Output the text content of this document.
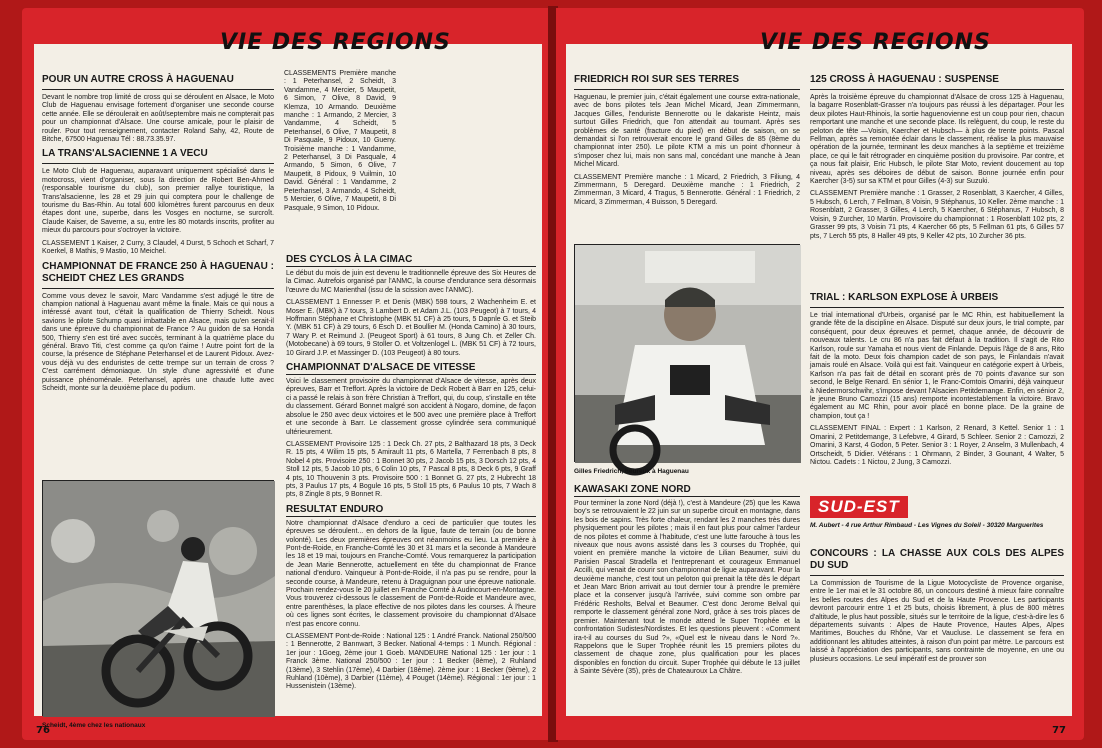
POUR UN AUTRE CROSS À HAGUENAU
Devant le nombre trop limité de cross qui se déroulent en Alsace, le Moto Club de Haguenau envisage fortement d'organiser une seconde course cette année. Elle se déroulerait en août/septembre mais ne compterait pas pour un championnat d'Alsace. Une course amicale, pour le plaisir de rouler. Pour tout renseignement, contacter Roland Sahy, 42, Route de Bitche, 67500 Haguenau Tél : 88.73.35.97.
LA TRANS'ALSACIENNE 1 A VECU
Le Moto Club de Haguenau, auparavant uniquement spécialisé dans le motocross, vient d'organiser, sous la direction de Robert Ben-Ahmed (responsable tourisme du club), son premier rallye touristique, la Trans'alsacienne, les 28 et 29 juin qui comptera pour le challenge de tourisme du Bas-Rhin. Au total 600 kilomètres furent parcourus en deux étapes dont une, superbe, dans les Vosges en nocturne, se surcroît. Claude Kaiser, de Saverne, a su, entre les 80 motards inscrits, profiter au mieux du parcours pour s'octroyer la victoire.
CLASSEMENT 1 Kaiser, 2 Curry, 3 Claudel, 4 Durst, 5 Schoch et Scharf, 7 Koerkel, 8 Mathis, 9 Mastio, 10 Meichel.
CHAMPIONNAT DE FRANCE 250 À HAGUENAU : SCHEIDT CHEZ LES GRANDS
Comme vous devez le savoir, Marc Vandamme s'est adjugé le titre de champion national à Haguenau avant même la finale. Mais ce qui nous a intéressé avant tout, c'était la qualification de Thierry Scheidt. Nous savions le pilote Schump quasi imbattable en Alsace, mais qu'en serait-il dans une épreuve du championnat de France ? Au guidon de sa Honda 500, Thierry s'en est tiré avec succès, terminant à la quatrième place du général. Bravo Titi, c'est comme ça qu'on t'aime ! Autre point fort de la course, la présence de Stéphane Peterhansel et de Laurent Pidoux. Avez-vous déjà vu des enduristes de cette trempe sur un terrain de cross ? C'est carrément démoniaque. Un style d'une agressivité et d'une puissance phénoménale. Peterhansel, après une chaude lutte avec Scheidt, monte sur la deuxième place du podium.
CLASSEMENTS Première manche : 1 Peterhansel, 2 Scheidt, 3 Vandamme, 4 Mercier, 5 Maupetit, 6 Simon, 7 Olive, 8 David, 9 Klemza, 10 Armando. Deuxième manche : 1 Armando, 2 Mercier, 3 Vandamme, 4 Scheidt, 5 Peterhansel, 6 Olive, 7 Maupetit, 8 Di Pasquale, 9 Pidoux, 10 Gueny. Troisième manche : 1 Vandamme, 2 Peterhansel, 3 Di Pasquale, 4 Armando, 5 Simon, 6 Olive, 7 Maupetit, 8 Pidoux, 9 Vuilmin, 10 David. Général : 1 Vandamme, 2 Peterhansel, 3 Armando, 4 Scheidt, 5 Mercier, 6 Olive, 7 Maupetit, 8 Di Pasquale, 9 Simon, 10 Pidoux.
DES CYCLOS À LA CIMAC
Le début du mois de juin est devenu le traditionnelle épreuve des Six Heures de la Cimac. Autrefois organisé par l'ANMC, la course d'endurance sera désormais l'œuvre du MC Marienthal (issu de la scission avec l'ANMC).
CLASSEMENT 1 Ennesser P. et Denis (MBK) 598 tours, 2 Wachenheim E. et Moser E. (MBK) à 7 tours, 3 Lambert D. et Adam J.L. (103 Peugeot) à 7 tours, 4 Hoffmann Stéphane et Christophe (MBK 51 CF) à 25 tours, 5 Dapnle G. et Steib Y. (MBK 51 CF) à 29 tours, 6 Esch D. et Boullier M. (Honda Camino) à 30 tours, 7 Wary P. et Reimund J. (Peugeot Sport) à 61 tours, 8 Jung Ch. et Zeller Ch. (Motobecane) à 69 tours, 9 Stoller O. et Voltzenlogel L. (MBK 51 CF) à 72 tours, 10 Girard J.P. et Massinger D. (103 Peugeot) à 80 tours.
CHAMPIONNAT D'ALSACE DE VITESSE
Voici le classement provisoire du championnat d'Alsace de vitesse, après deux épreuves, Barr et Treffort. Après la victoire de Deck Robert à Barr en 125, celui-ci a passé le relais à son frère Christian à Treffort, qui, du coup, s'installe en tête du classement. Gérard Bonnet malgré son accident à Nogaro, domine, de façon absolue le 250 avec deux victoires et le 500 avec une première place à Treffort et une seconde à Barr. Le classement grosse cylindrée sera communiqué ultérieurement.
CLASSEMENT Provisoire 125 : 1 Deck Ch. 27 pts, 2 Balthazard 18 pts, 3 Deck R. 15 pts, 4 Wilim 15 pts, 5 Amirault 11 pts, 6 Martella, 7 Ferrenbach 8 pts, 8 Nobel 4 pts. Provisoire 250 : 1 Bonnet 30 pts, 2 Jacob 15 pts, 3 Dorsch 12 pts, 4 Stoll 12 pts, 5 Jacob 10 pts, 6 Colin 10 pts, 7 Pascal 8 pts, 8 Deck 6 pts, 9 Graff 4 pts, 10 Thouvenin 3 pts. Provisoire 500 : 1 Bonnet G. 27 pts, 2 Hubrecht 18 pts, 3 Paulus 17 pts, 4 Bogule 16 pts, 5 Stoll 15 pts, 6 Paulus 10 pts, 7 Wach 8 pts, 8 Zingle 8 pts, 9 Bonnet R.
RESULTAT ENDURO
Notre championnat d'Alsace d'enduro a ceci de particulier que toutes les épreuves se déroulent... en dehors de la ligue, faute de terrain (ou de bonne volonté). Les deux premières épreuves ont néanmoins eu lieu. La première à Pont-de-Roide, en Franche-Comté les 30 et 31 mars et la seconde à Mandeure les 18 et 19 mai, toujours en Franche-Comté. Vous remarquerez la participation de Jean Marie Bennerotte, actuellement en tête du championnat de France national d'enduro. Vainqueur à Pont-de-Roide, il n'a pas pu se rendre, pour la seconde course, à Mandeure, retenu à Draguignan pour une épreuve nationale. Prochain rendez-vous le 20 juillet en Franche Comté à Audincourt-en-Montagne. Vous trouverez ci-dessous le classement de Pont-de-Roide et Mandeure avec, entre parenthèses, la place effective de nos pilotes dans les courses. À l'heure où ces lignes sont écrites, le classement provisoire du championnat d'Alsace n'est pas encore connu.
CLASSEMENT Pont-de-Roide : National 125 : 1 André Franck. National 250/500 : 1 Bennerotte, 2 Bannwart, 3 Becker. National 4-temps : 1 Munch. Régional : 1er jour : 1Goeg, 2ème jour 1 Goeb. MANDEURE National 125 : 1er jour : 1 Franck 3ème. National 250/500 : 1er jour : 1 Becker (8ème), 2 Ruhland (13ème), 3 Stehlin (17ème), 4 Darbier (18ème). 2ème jour : 1 Becker (9ème), 2 Ruhland (10ème), 3 Darbier (11ème), 4 Pouget (14ème). Régional : 1er jour : 1 Hussenistein (13ème).
Scheidt, 4ème chez les nationaux
76
FRIEDRICH ROI SUR SES TERRES
Haguenau, le premier juin, c'était également une course extra-nationale, avec de bons pilotes tels Jean Michel Micard, Jean Zimmermann, Jacques Gilles, l'enduriste Bennerotte ou le dakariste Heintz, mais surtout Gilles Friedrich, que l'on attendait au tournant. Après ses problèmes de santé (fracture du pied) en début de saison, on se demandait si l'on retrouverait encore le grand Gilles de 85 (8ème du championnat inter 250). Le pilote KTM a mis un point d'honneur à s'imposer chez lui, mais non sans mal, concédant une manche à Jean Michel Micard.
CLASSEMENT Première manche : 1 Micard, 2 Friedrich, 3 Filiung, 4 Zimmermann, 5 Deregard. Deuxième manche : 1 Friedrich, 2 Zimmerman, 3 Micard, 4 Tragus, 5 Bennerotte. Général : 1 Friedrich, 2 Micard, 3 Zimmerman, 4 Buisson, 5 Deregard.
Gilles Friedrich, heureux à Haguenau
KAWASAKI ZONE NORD
Pour terminer la zone Nord (déjà !), c'est à Mandeure (25) que les Kawa boy's se retrouvaient le 22 juin sur un superbe circuit en montagne, dans les bois de sapins. Très forte chaleur, rendant les 2 manches très dures physiquement pour les pilotes ; mais il en faut plus pour calmer l'ardeur de nos pilotes et comme à l'habitude, c'est une lutte farouche à tous les niveaux que nous avons assisté dans les 3 courses du Trophée, qui voient en première manche la victoire de Lilian Beaumer, suivi du Parisien Pascal Stradella et l'entreprenant et courageux Emmanuel Accilli, qui venait de courir son championnat de ligue auparavant. Pour la deuxième manche, c'est tout un peloton qui prenait la tête dès le départ et Jean Marc Brion arrivait au tout dernier tour à prendre le première place et la conserver jusqu'à l'arrivée, suivi comme son ombre par Frédéric Resholts, Belval et Beaumer. C'est donc Jerome Belval qui remporte le classement général zone Nord, grâce à ses trois places de premier. Maintenant tout le monde attend le Super Trophée et la confrontation Sudistes/Nordistes. Et les questions pleuvent : «Comment ira-t-il au courses du Sud ?», «Quel est le niveau dans le Nord ?». Rappelons que le Super Trophée réunit les 15 premiers pilotes du classement de chaque zone, plus qualification pour les places disponibles en fonction du circuit. Super Trophée qui débute le 13 juillet à Sainte Sévère (35), près de Chateauroux La Châtre.
125 CROSS À HAGUENAU : SUSPENSE
Après la troisième épreuve du championnat d'Alsace de cross 125 à Haguenau, la bagarre Rosenblatt-Grasser n'a toujours pas réussi à les départager. Pour les deux pilotes Haut-Rhinois, la sortie haguenovienne est un coup pour rien, chacun remportant une manche et une seconde place. Ils relèguent, du coup, le reste du peloton de tête —Voisin, Kaercher et Hubsch— à plus de trente points. Pascal Fellman, après sa remontée éclair dans le classement, réalise la plus mauvaise opération de la journée, terminant les deux manches à la septième et treizième place, ce qui le fait rétrograder en cinquième position du provisoire. Par contre, et ça nous fait plaisir, Eric Hubsch, le pilote Star Moto, revient doucement au top niveau, après ses déboires de début de saison. Bonne journée enfin pour Kaercher (3-5) sur sa KTM et pour Gilles (4-3) sur Suzuki.
CLASSEMENT Première manche : 1 Grasser, 2 Rosenblatt, 3 Kaercher, 4 Gilles, 5 Hubsch, 6 Lerch, 7 Fellman, 8 Voisin, 9 Stéphanus, 10 Keller. 2ème manche : 1 Rosenblatt, 2 Grasser, 3 Gilles, 4 Lerch, 5 Kaercher, 6 Stéphanus, 7 Hubsch, 8 Voisin, 9 Zurcher, 10 Martin. Provisoire du championnat : 1 Rosenblatt 102 pts, 2 Grasser 99 pts, 3 Voisin 71 pts, 4 Kaercher 66 pts, 5 Fellman 61 pts, 6 Gilles 57 pts, 7 Lerch 55 pts, 8 Haller 49 pts, 9 Keller 42 pts, 10 Zurcher 36 pts.
TRIAL : KARLSON EXPLOSE À URBEIS
Le trial international d'Urbeis, organisé par le MC Rhin, est habituellement la grande fête de la discipline en Alsace. Disputé sur deux jours, le trial compte, par conséquent, pour deux épreuves et permet, chaque année, de découvrir de nouveaux talents. Le cru 86 n'a pas fait défaut à la tradition. Il s'agit de Rito Karlson, roule sur Yamaha et nous vient de Finlande. Depuis l'âge de 8 ans, Rito fait de la moto. Deux fois champion cadet de son pays, le Finlandais n'avait jamais roulé en Alsace. Voilà qui est fait. Vainqueur en catégorie expert à Urbeis, Karlson n'a pas fait de détail en scorant près de 70 points d'avance sur son second, le Belge Renard. En sénior 1, le Franc-Comtois Omarini, déjà vainqueur à Niedermorschwihr, s'impose devant l'Alsacien Petitdemange. Enfin, en sénior 2, le jeune Bruno Camozzi (15 ans) remporte incontestablement la victoire. Bravo également au MC Rhin, pour avoir placé en bonne place. De la graine de champion, tout ça !
CLASSEMENT FINAL : Expert : 1 Karlson, 2 Renard, 3 Kettel. Senior 1 : 1 Omarini, 2 Petitdemange, 3 Lefebvre, 4 Girard, 5 Schleer. Senior 2 : Camozzi, 2 Omarini, 3 Karst, 4 Godon, 5 Peter. Senior 3 : 1 Royer, 2 Anselm, 3 Mullenbach, 4 Ortscheidt, 5 Didier. Vétérans : 1 Ohrmann, 2 Binder, 3 Gounant, 4 Walter, 5 Nictou. Cadets : 1 Nictou, 2 Jung, 3 Camozzi.
SUD-EST
M. Aubert - 4 rue Arthur Rimbaud - Les Vignes du Soleil - 30320 Marguerites
CONCOURS : LA CHASSE AUX COLS DES ALPES DU SUD
La Commission de Tourisme de la Ligue Motocycliste de Provence organise, entre le 1er mai et le 31 octobre 86, un concours destiné à mieux faire connaître les belles routes des Alpes du Sud et de la Haute Provence. Les participants devront parcourir entre 1 et 25 buts, choisis librement, à plus de 800 mètres d'altitude, le plus haut possible, situés sur le territoire de la ligue, c'est-à-dire les 6 départements suivants : Alpes de Haute Provence, Hautes Alpes, Alpes Maritimes, Bouches du Rhône, Var et Vaucluse. Le classement se fera en additionnant les altitudes atteintes, à raison d'un point par mètre. Le parcours est laissé à l'appréciation des participants, sans contrainte de moyenne, en une ou plusieurs occasions. Le seul impératif est de prouver son
77
VIE DES REGIONS	VIE DES REGIONS
